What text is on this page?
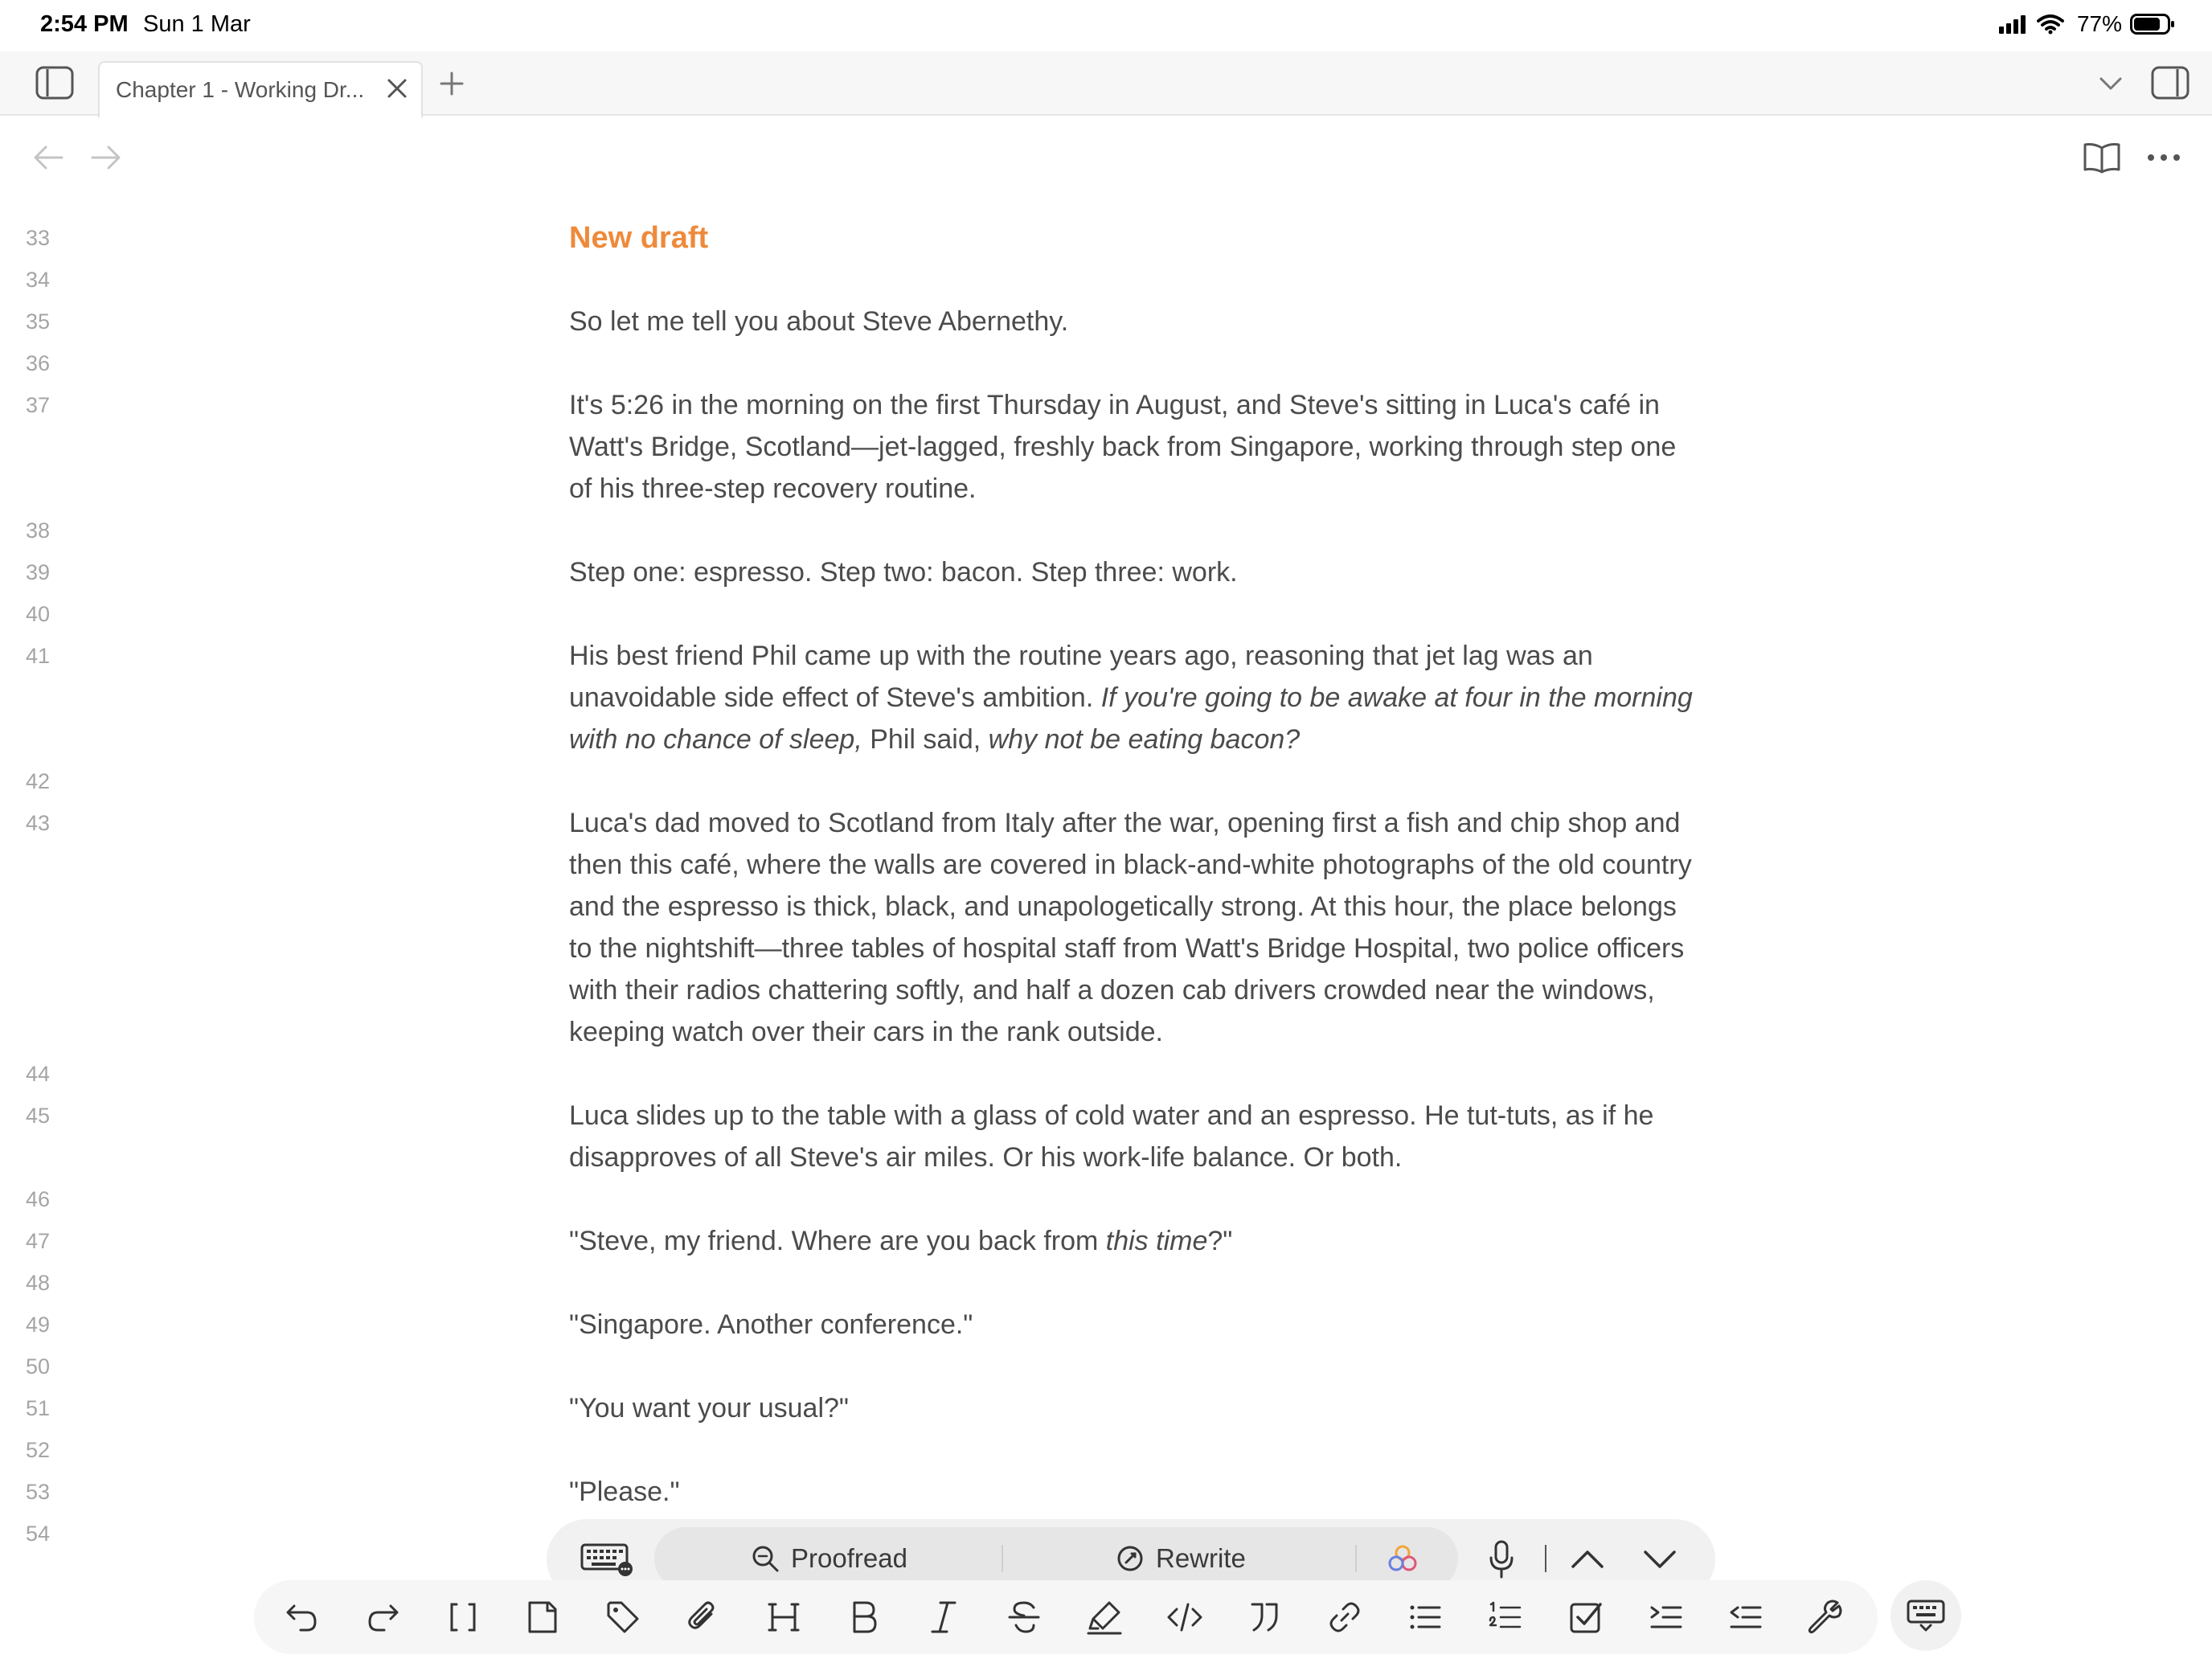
2:54 PM Sun 1 Mar	77%
Chapter 1 - Working Dr...
33	New draft
34
35	So let me tell you about Steve Abernethy.
36
37	It's 5:26 in the morning on the first Thursday in August, and Steve's sitting in Luca's café in Watt's Bridge, Scotland—jet-lagged, freshly back from Singapore, working through step one of his three-step recovery routine.
38
39	Step one: espresso. Step two: bacon. Step three: work.
40
41	His best friend Phil came up with the routine years ago, reasoning that jet lag was an unavoidable side effect of Steve's ambition. If you're going to be awake at four in the morning with no chance of sleep, Phil said, why not be eating bacon?
42
43	Luca's dad moved to Scotland from Italy after the war, opening first a fish and chip shop and then this café, where the walls are covered in black-and-white photographs of the old country and the espresso is thick, black, and unapologetically strong. At this hour, the place belongs to the nightshift—three tables of hospital staff from Watt's Bridge Hospital, two police officers with their radios chattering softly, and half a dozen cab drivers crowded near the windows, keeping watch over their cars in the rank outside.
44
45	Luca slides up to the table with a glass of cold water and an espresso. He tut-tuts, as if he disapproves of all Steve's air miles. Or his work-life balance. Or both.
46
47	"Steve, my friend. Where are you back from this time?"
48
49	"Singapore. Another conference."
50
51	"You want your usual?"
52
53	"Please."
54
Proofread	Rewrite
